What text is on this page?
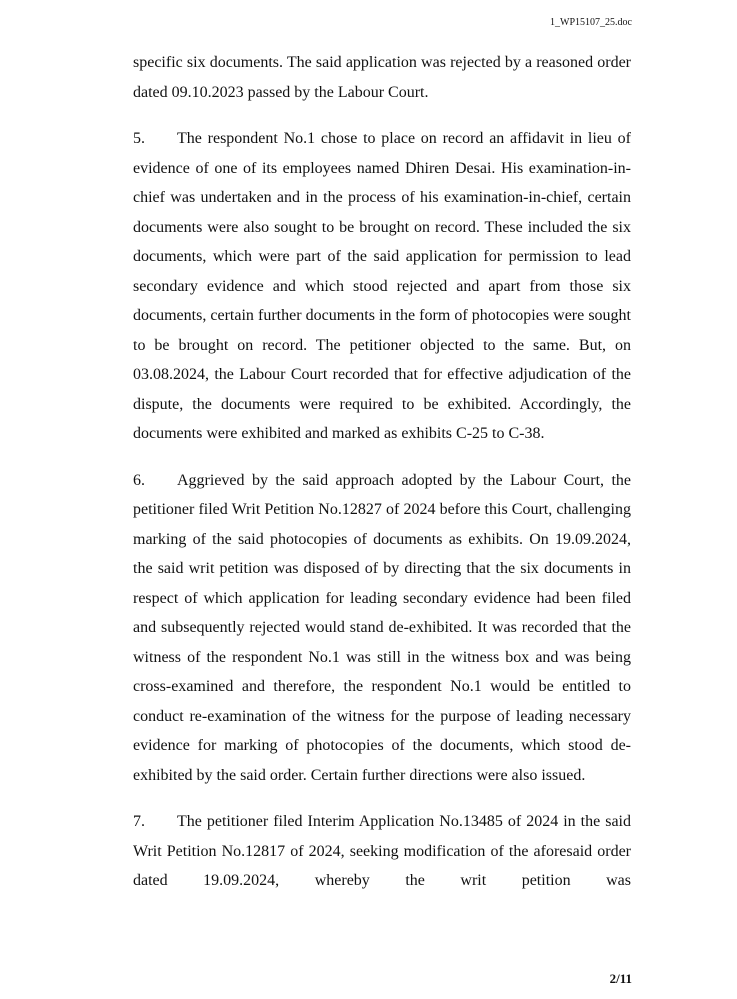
1_WP15107_25.doc

specific six documents. The said application was rejected by a reasoned order dated 09.10.2023 passed by the Labour Court.

5. The respondent No.1 chose to place on record an affidavit in lieu of evidence of one of its employees named Dhiren Desai. His examination-in-chief was undertaken and in the process of his examination-in-chief, certain documents were also sought to be brought on record. These included the six documents, which were part of the said application for permission to lead secondary evidence and which stood rejected and apart from those six documents, certain further documents in the form of photocopies were sought to be brought on record. The petitioner objected to the same. But, on 03.08.2024, the Labour Court recorded that for effective adjudication of the dispute, the documents were required to be exhibited. Accordingly, the documents were exhibited and marked as exhibits C-25 to C-38.

6. Aggrieved by the said approach adopted by the Labour Court, the petitioner filed Writ Petition No.12827 of 2024 before this Court, challenging marking of the said photocopies of documents as exhibits. On 19.09.2024, the said writ petition was disposed of by directing that the six documents in respect of which application for leading secondary evidence had been filed and subsequently rejected would stand de-exhibited. It was recorded that the witness of the respondent No.1 was still in the witness box and was being cross-examined and therefore, the respondent No.1 would be entitled to conduct re-examination of the witness for the purpose of leading necessary evidence for marking of photocopies of the documents, which stood de-exhibited by the said order. Certain further directions were also issued.

7. The petitioner filed Interim Application No.13485 of 2024 in the said Writ Petition No.12817 of 2024, seeking modification of the aforesaid order dated 19.09.2024, whereby the writ petition was

2/11
